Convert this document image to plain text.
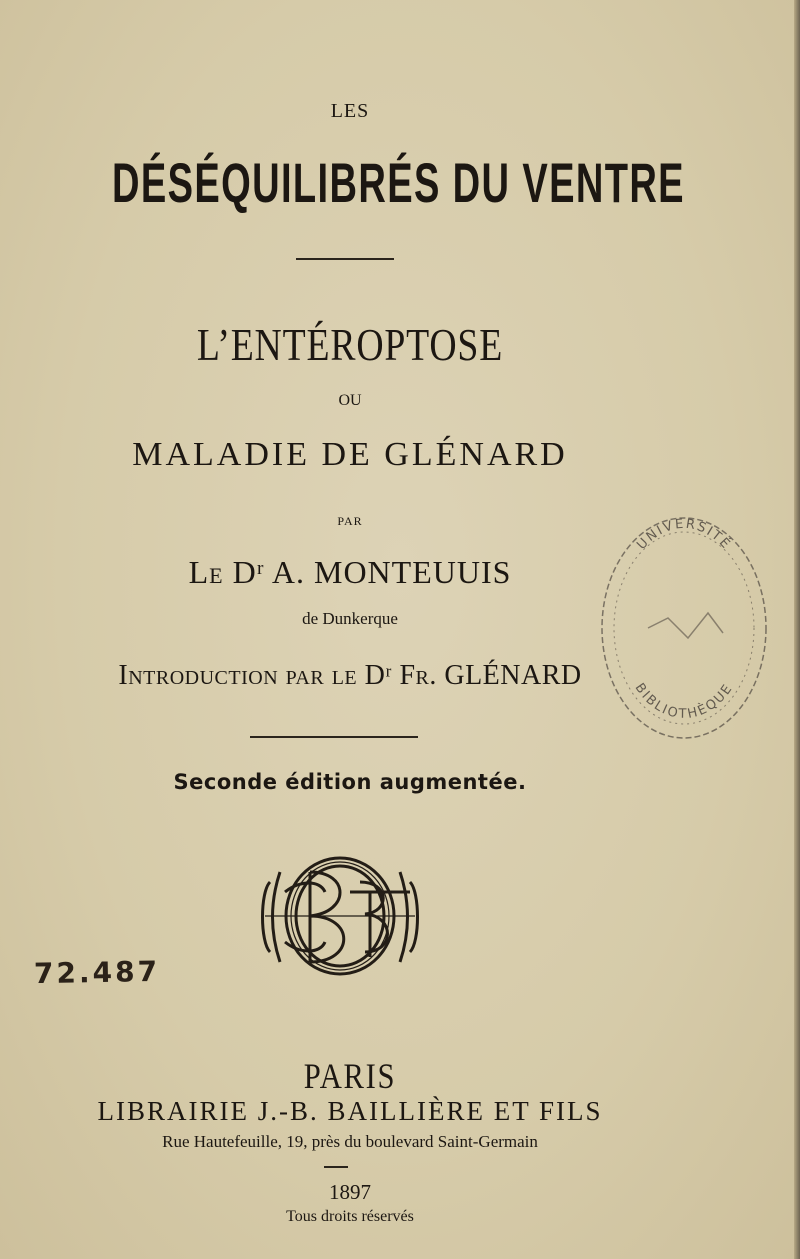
LES
DÉSÉQUILIBRÉS DU VENTRE
L’ENTÉROPTOSE
OU
MALADIE DE GLÉNARD
PAR
Le Dʳ A. MONTEUUIS
de Dunkerque
Introduction par le Dʳ Fr. GLÉNARD
Seconde édition augmentée.
72.487
PARIS
LIBRAIRIE J.-B. BAILLIÈRE ET FILS
Rue Hautefeuille, 19, près du boulevard Saint-Germain
1897
Tous droits réservés
UNIVERSITÉ
BIBLIOTHÈQUE
